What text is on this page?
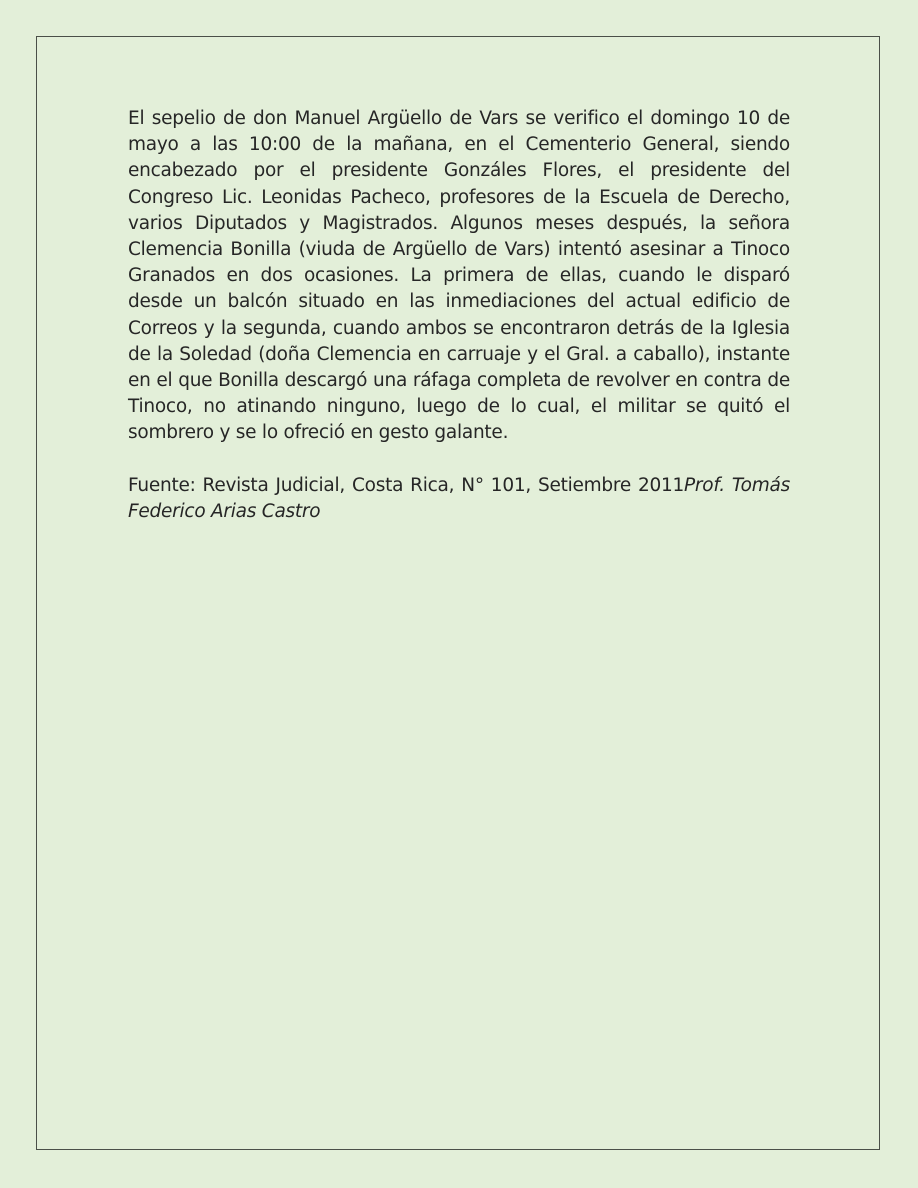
El sepelio de don Manuel Argüello de Vars se verifico el domingo 10 de mayo a las 10:00 de la mañana, en el Cementerio General, siendo encabezado por el presidente Gonzáles Flores, el presidente del Congreso Lic. Leonidas Pacheco, profesores de la Escuela de Derecho, varios Diputados y Magistrados. Algunos meses después, la señora Clemencia Bonilla (viuda de Argüello de Vars) intentó asesinar a Tinoco Granados en dos ocasiones. La primera de ellas, cuando le disparó desde un balcón situado en las inmediaciones del actual edificio de Correos y la segunda, cuando ambos se encontraron detrás de la Iglesia de la Soledad (doña Clemencia en carruaje y el Gral. a caballo), instante en el que Bonilla descargó una ráfaga completa de revolver en contra de Tinoco, no atinando ninguno, luego de lo cual, el militar se quitó el sombrero y se lo ofreció en gesto galante.

Fuente: Revista Judicial, Costa Rica, N° 101, Setiembre 2011Prof. Tomás Federico Arias Castro
